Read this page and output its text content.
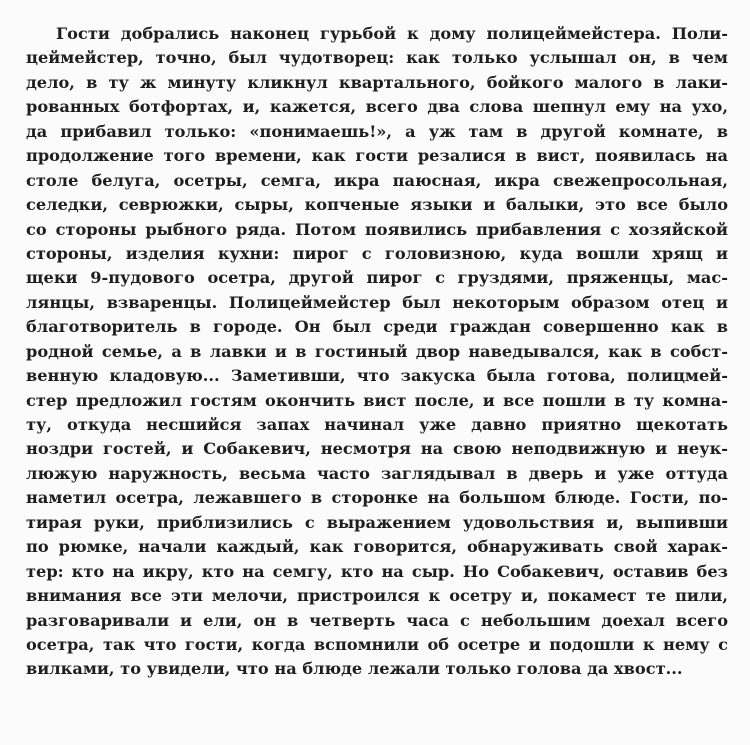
Гости добрались наконец гурьбой к дому полицеймейстера. Поли-
цеймейстер, точно, был чудотворец: как только услышал он, в чем
дело, в ту ж минуту кликнул квартального, бойкого малого в лаки-
рованных ботфортах, и, кажется, всего два слова шепнул ему на ухо,
да прибавил только: «понимаешь!», а уж там в другой комнате, в
продолжение того времени, как гости резалися в вист, появилась на
столе белуга, осетры, семга, икра паюсная, икра свежепросольная,
селедки, севрюжки, сыры, копченые языки и балыки, это все было
со стороны рыбного ряда. Потом появились прибавления с хозяйской
стороны, изделия кухни: пирог с головизною, куда вошли хрящ и
щеки 9-пудового осетра, другой пирог с груздями, пряженцы, мас-
лянцы, взваренцы. Полицеймейстер был некоторым образом отец и
благотворитель в городе. Он был среди граждан совершенно как в
родной семье, а в лавки и в гостиный двор наведывался, как в собст-
венную кладовую... Заметивши, что закуска была готова, полицмей-
стер предложил гостям окончить вист после, и все пошли в ту комна-
ту, откуда несшийся запах начинал уже давно приятно щекотать
ноздри гостей, и Собакевич, несмотря на свою неподвижную и неук-
люжую наружность, весьма часто заглядывал в дверь и уже оттуда
наметил осетра, лежавшего в сторонке на большом блюде. Гости, по-
тирая руки, приблизились с выражением удовольствия и, выпивши
по рюмке, начали каждый, как говорится, обнаруживать свой харак-
тер: кто на икру, кто на семгу, кто на сыр. Но Собакевич, оставив без
внимания все эти мелочи, пристроился к осетру и, покамест те пили,
разговаривали и ели, он в четверть часа с небольшим доехал всего
осетра, так что гости, когда вспомнили об осетре и подошли к нему с
вилками, то увидели, что на блюде лежали только голова да хвост...
